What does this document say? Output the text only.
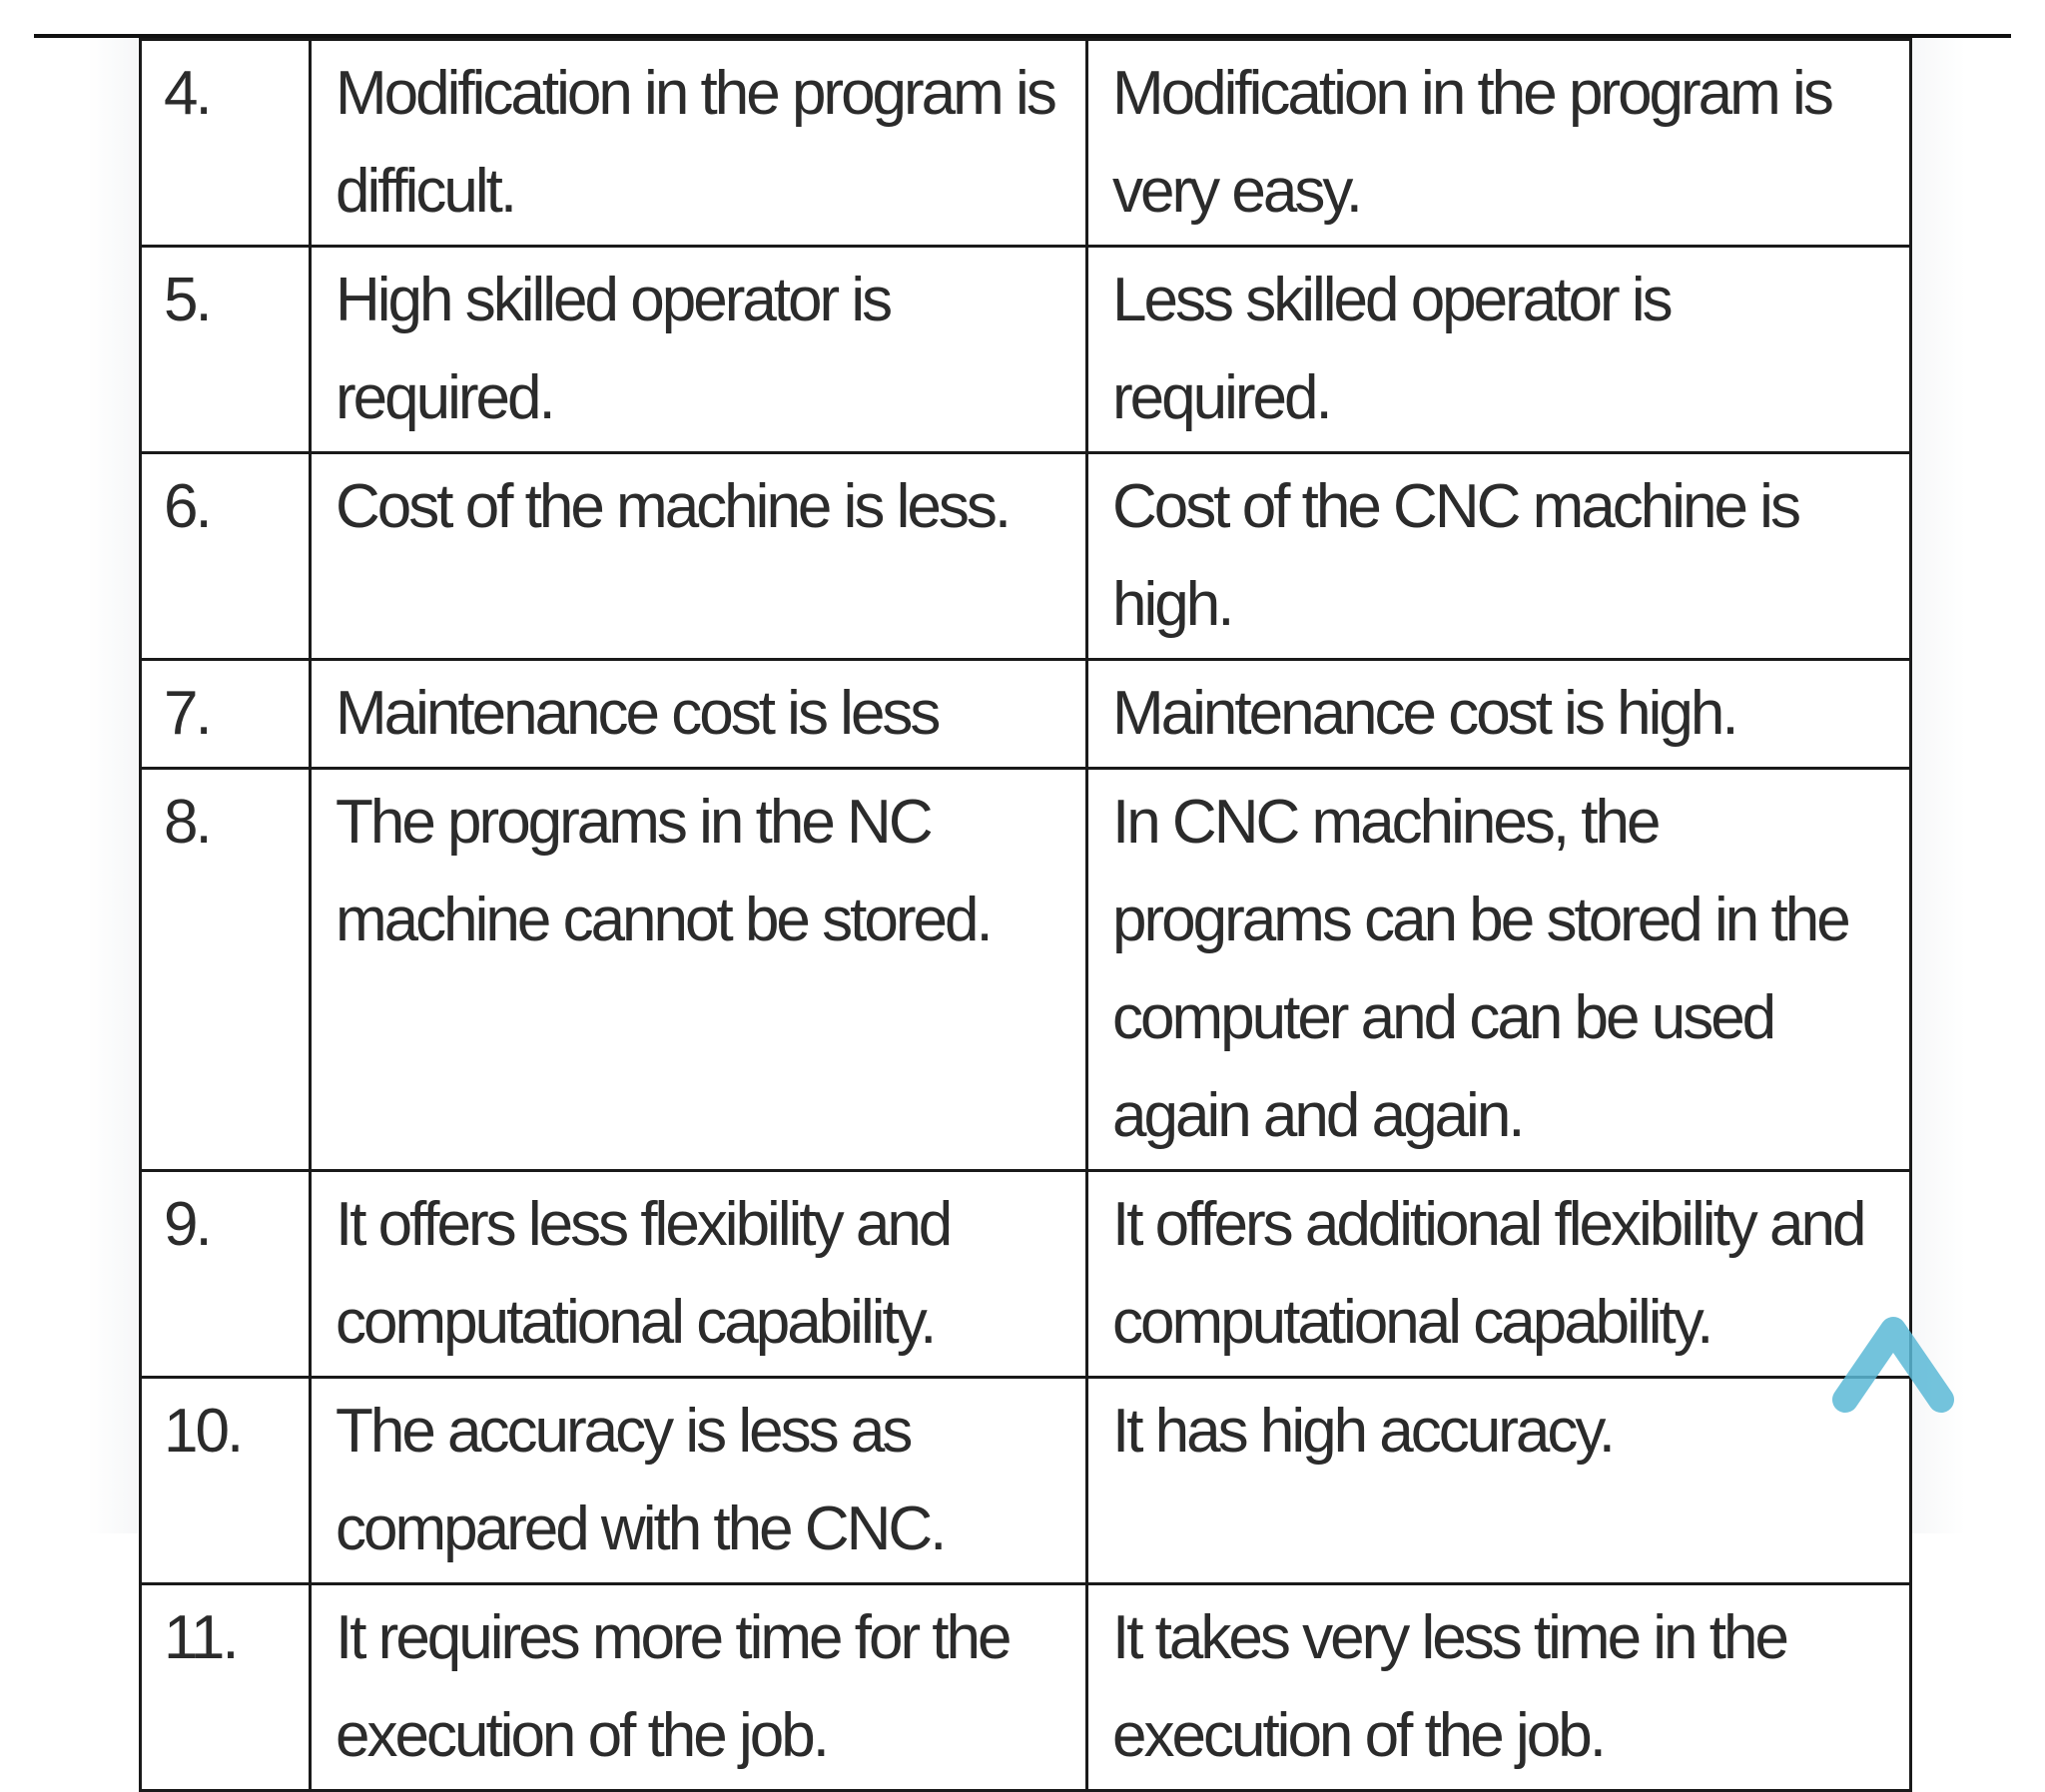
4.	Modification in the program is difficult.	Modification in the program is very easy.
5.	High skilled operator is required.	Less skilled operator is required.
6.	Cost of the machine is less.	Cost of the CNC machine is high.
7.	Maintenance cost is less	Maintenance cost is high.
8.	The programs in the NC machine cannot be stored.	In CNC machines, the programs can be stored in the computer and can be used again and again.
9.	It offers less flexibility and computational capability.	It offers additional flexibility and computational capability.
10.	The accuracy is less as compared with the CNC.	It has high accuracy.
11.	It requires more time for the execution of the job.	It takes very less time in the execution of the job.
